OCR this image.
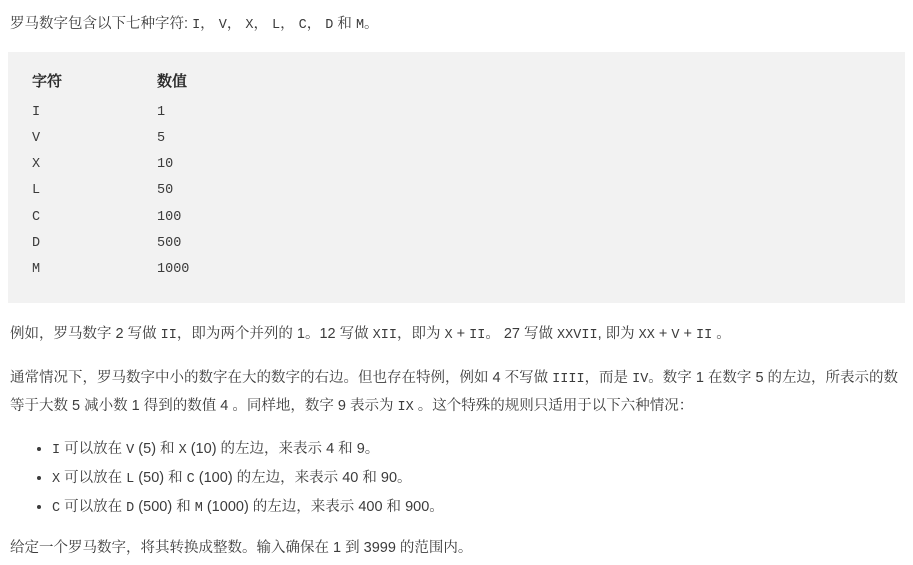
罗马数字包含以下七种字符: I， V， X， L， C， D 和 M。

字符	数值
I	1
V	5
X	10
L	50
C	100
D	500
M	1000

例如，罗马数字 2 写做 II，即为两个并列的 1。12 写做 XII，即为 X + II。 27 写做 XXVII, 即为 XX + V + II 。

通常情况下，罗马数字中小的数字在大的数字的右边。但也存在特例，例如 4 不写做 IIII，而是 IV。数字 1 在数字 5 的左边，所表示的数等于大数 5 减小数 1 得到的数值 4 。同样地，数字 9 表示为 IX 。这个特殊的规则只适用于以下六种情况：

• I 可以放在 V (5) 和 X (10) 的左边，来表示 4 和 9。
• X 可以放在 L (50) 和 C (100) 的左边，来表示 40 和 90。
• C 可以放在 D (500) 和 M (1000) 的左边，来表示 400 和 900。

给定一个罗马数字，将其转换成整数。输入确保在 1 到 3999 的范围内。
